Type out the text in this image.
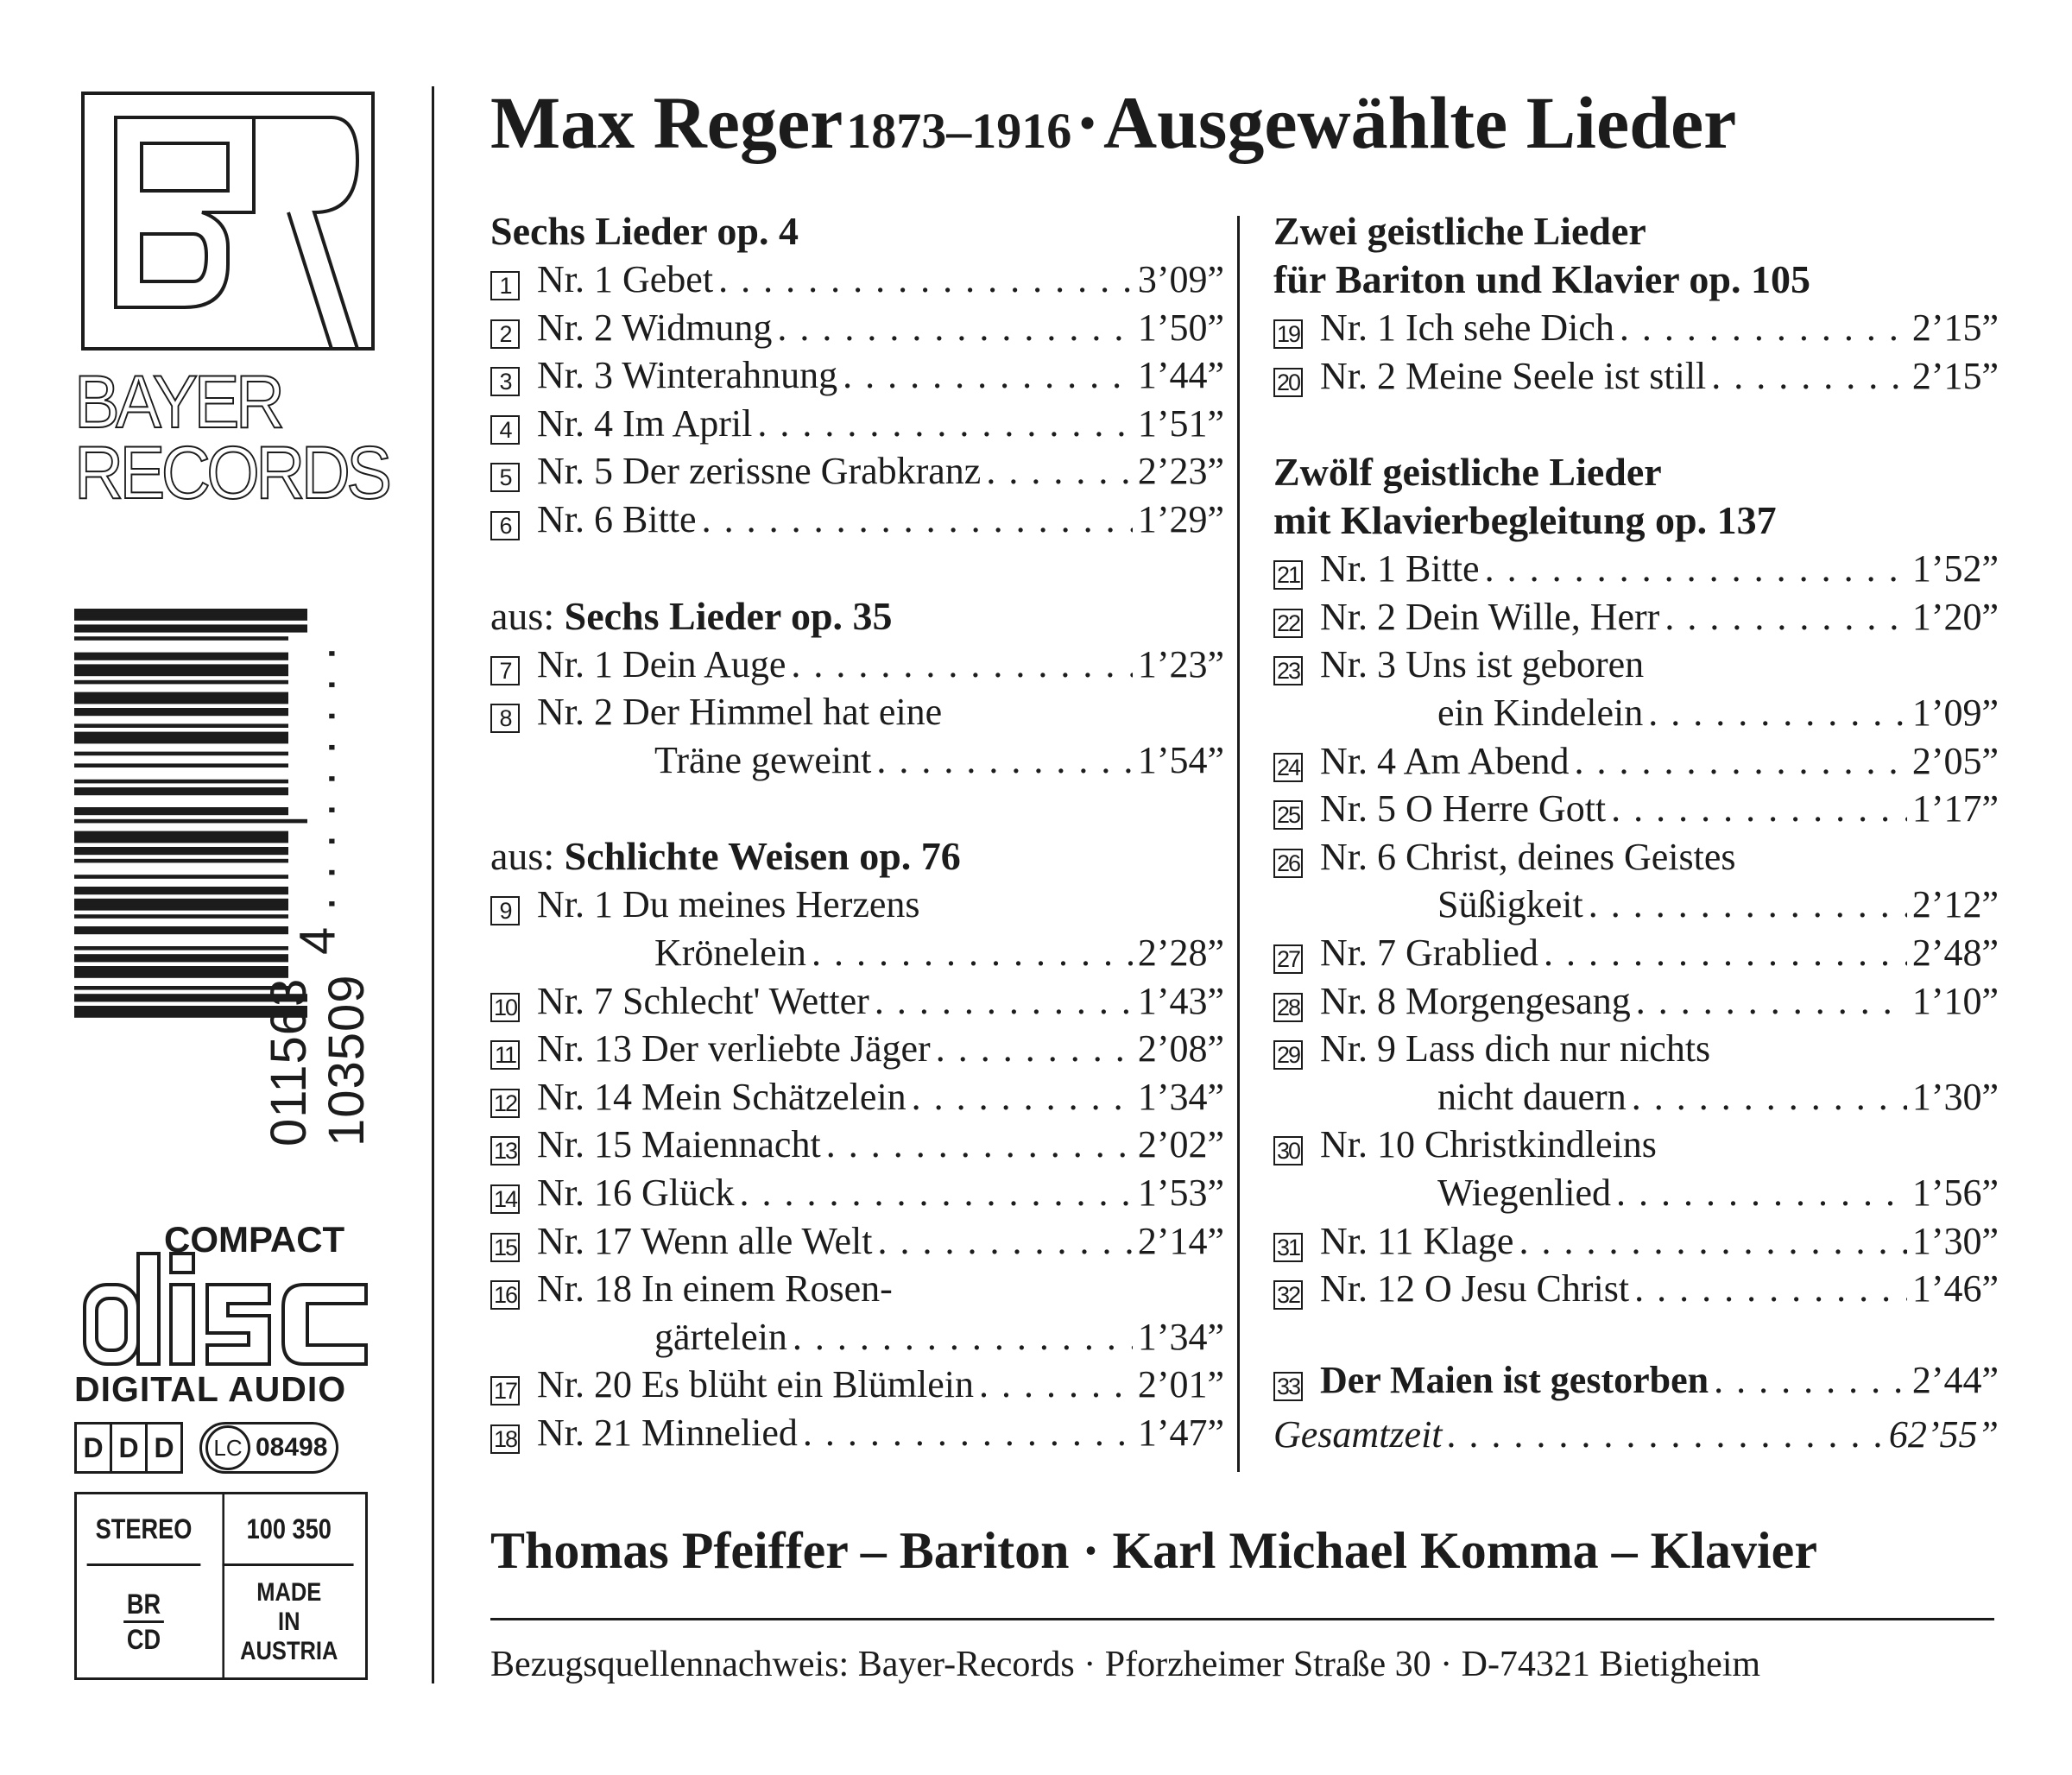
BAYER
RECORDS
011563 103509
4 . . .
COMPACT
DIGITAL AUDIO
D D D	LC 08498
STEREO	100 350
BR
CD
MADE
IN
AUSTRIA
Max Reger 1873–1916 · Ausgewählte Lieder
Sechs Lieder op. 4
1 Nr. 1 Gebet . . .	3’09”
2 Nr. 2 Widmung . . .	1’50”
3 Nr. 3 Winterahnung . . .	1’44”
4 Nr. 4 Im April . . .	1’51”
5 Nr. 5 Der zerissne Grabkranz . . .	2’23”
6 Nr. 6 Bitte . . .	1’29”
aus: Sechs Lieder op. 35
7 Nr. 1 Dein Auge . . .	1’23”
8 Nr. 2 Der Himmel hat eine
Träne geweint . . .	1’54”
aus: Schlichte Weisen op. 76
9 Nr. 1 Du meines Herzens
Krönelein . . .	2’28”
10 Nr. 7 Schlecht' Wetter . . .	1’43”
11 Nr. 13 Der verliebte Jäger . . .	2’08”
12 Nr. 14 Mein Schätzelein . . .	1’34”
13 Nr. 15 Maiennacht . . .	2’02”
14 Nr. 16 Glück . . .	1’53”
15 Nr. 17 Wenn alle Welt . . .	2’14”
16 Nr. 18 In einem Rosen-
gärtelein . . .	1’34”
17 Nr. 20 Es blüht ein Blümlein . . .	2’01”
18 Nr. 21 Minnelied . . .	1’47”
Zwei geistliche Lieder
für Bariton und Klavier op. 105
19 Nr. 1 Ich sehe Dich . . .	2’15”
20 Nr. 2 Meine Seele ist still . . .	2’15”
Zwölf geistliche Lieder
mit Klavierbegleitung op. 137
21 Nr. 1 Bitte . . .	1’52”
22 Nr. 2 Dein Wille, Herr . . .	1’20”
23 Nr. 3 Uns ist geboren
ein Kindelein . . .	1’09”
24 Nr. 4 Am Abend . . .	2’05”
25 Nr. 5 O Herre Gott . . .	1’17”
26 Nr. 6 Christ, deines Geistes
Süßigkeit . . .	2’12”
27 Nr. 7 Grablied . . .	2’48”
28 Nr. 8 Morgengesang . . .	1’10”
29 Nr. 9 Lass dich nur nichts
nicht dauern . . .	1’30”
30 Nr. 10 Christkindleins
Wiegenlied . . .	1’56”
31 Nr. 11 Klage . . .	1’30”
32 Nr. 12 O Jesu Christ . . .	1’46”
33 Der Maien ist gestorben . . .	2’44”
Gesamtzeit . . .	62’55”
Thomas Pfeiffer – Bariton · Karl Michael Komma – Klavier
Bezugsquellennachweis: Bayer-Records · Pforzheimer Straße 30 · D-74321 Bietigheim
